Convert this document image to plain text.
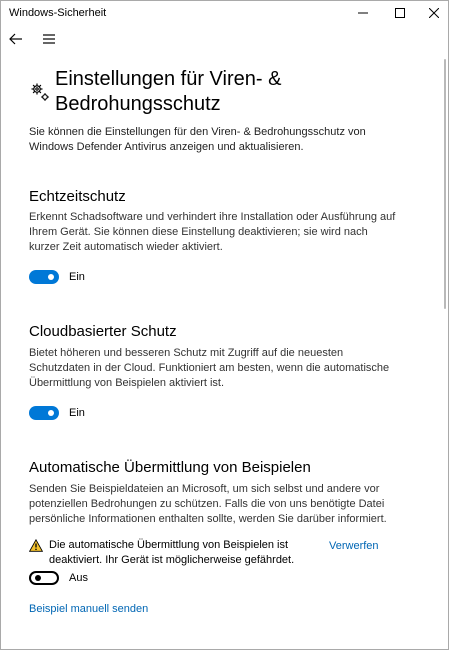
Windows-Sicherheit
Einstellungen für Viren- & Bedrohungsschutz
Sie können die Einstellungen für den Viren- & Bedrohungsschutz von Windows Defender Antivirus anzeigen und aktualisieren.
Echtzeitschutz
Erkennt Schadsoftware und verhindert ihre Installation oder Ausführung auf Ihrem Gerät. Sie können diese Einstellung deaktivieren; sie wird nach kurzer Zeit automatisch wieder aktiviert.
Ein
Cloudbasierter Schutz
Bietet höheren und besseren Schutz mit Zugriff auf die neuesten Schutzdaten in der Cloud. Funktioniert am besten, wenn die automatische Übermittlung von Beispielen aktiviert ist.
Ein
Automatische Übermittlung von Beispielen
Senden Sie Beispieldateien an Microsoft, um sich selbst und andere vor potenziellen Bedrohungen zu schützen. Falls die von uns benötigte Datei persönliche Informationen enthalten sollte, werden Sie darüber informiert.
Die automatische Übermittlung von Beispielen ist deaktiviert. Ihr Gerät ist möglicherweise gefährdet.
Verwerfen
Aus
Beispiel manuell senden
